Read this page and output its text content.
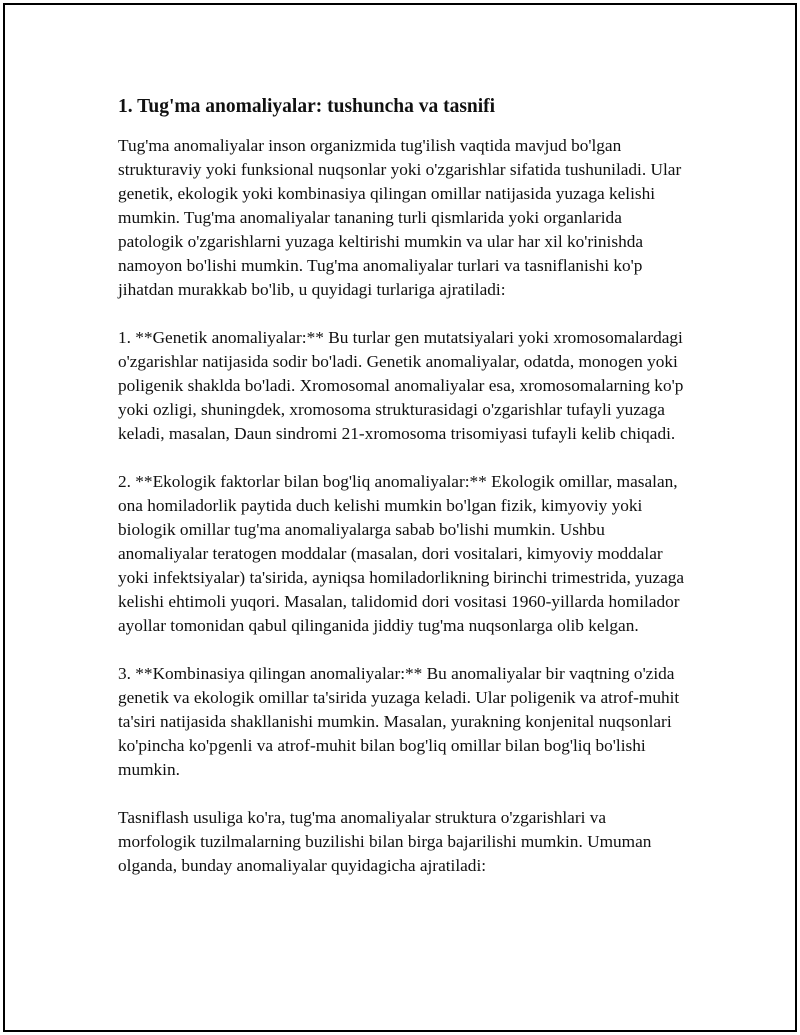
1. Tug'ma anomaliyalar: tushuncha va tasnifi

Tug'ma anomaliyalar inson organizmida tug'ilish vaqtida mavjud bo'lgan strukturaviy yoki funksional nuqsonlar yoki o'zgarishlar sifatida tushuniladi. Ular genetik, ekologik yoki kombinasiya qilingan omillar natijasida yuzaga kelishi mumkin. Tug'ma anomaliyalar tananing turli qismlarida yoki organlarida patologik o'zgarishlarni yuzaga keltirishi mumkin va ular har xil ko'rinishda namoyon bo'lishi mumkin. Tug'ma anomaliyalar turlari va tasniflanishi ko'p jihatdan murakkab bo'lib, u quyidagi turlariga ajratiladi:

1. **Genetik anomaliyalar:** Bu turlar gen mutatsiyalari yoki xromosomalardagi o'zgarishlar natijasida sodir bo'ladi. Genetik anomaliyalar, odatda, monogen yoki poligenik shaklda bo'ladi. Xromosomal anomaliyalar esa, xromosomalarning ko'p yoki ozligi, shuningdek, xromosoma strukturasidagi o'zgarishlar tufayli yuzaga keladi, masalan, Daun sindromi 21-xromosoma trisomiyasi tufayli kelib chiqadi.

2. **Ekologik faktorlar bilan bog'liq anomaliyalar:** Ekologik omillar, masalan, ona homiladorlik paytida duch kelishi mumkin bo'lgan fizik, kimyoviy yoki biologik omillar tug'ma anomaliyalarga sabab bo'lishi mumkin. Ushbu anomaliyalar teratogen moddalar (masalan, dori vositalari, kimyoviy moddalar yoki infektsiyalar) ta'sirida, ayniqsa homiladorlikning birinchi trimestrida, yuzaga kelishi ehtimoli yuqori. Masalan, talidomid dori vositasi 1960-yillarda homilador ayollar tomonidan qabul qilinganida jiddiy tug'ma nuqsonlarga olib kelgan.

3. **Kombinasiya qilingan anomaliyalar:** Bu anomaliyalar bir vaqtning o'zida genetik va ekologik omillar ta'sirida yuzaga keladi. Ular poligenik va atrof-muhit ta'siri natijasida shakllanishi mumkin. Masalan, yurakning konjenital nuqsonlari ko'pincha ko'pgenli va atrof-muhit bilan bog'liq omillar bilan bog'liq bo'lishi mumkin.

Tasniflash usuliga ko'ra, tug'ma anomaliyalar struktura o'zgarishlari va morfologik tuzilmalarning buzilishi bilan birga bajarilishi mumkin. Umuman olganda, bunday anomaliyalar quyidagicha ajratiladi:
